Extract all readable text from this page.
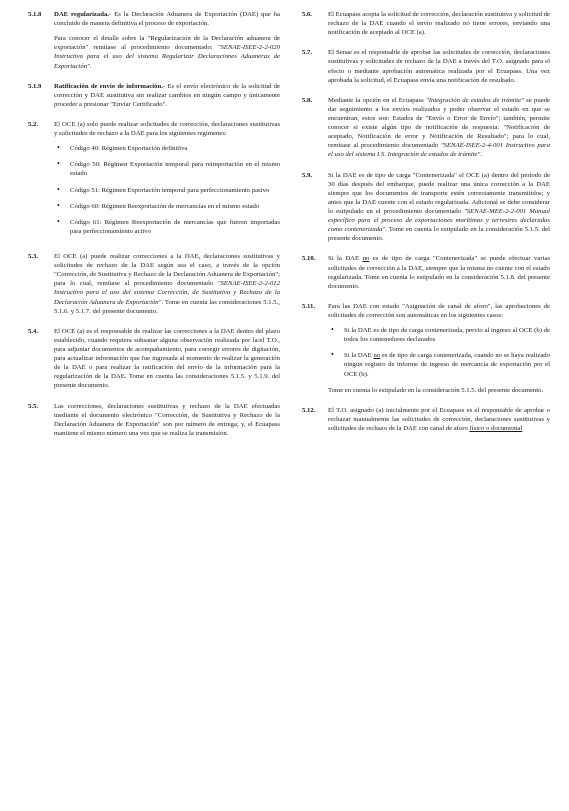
5.1.8	DAE regularizada.- Es la Declaración Aduanera de Exportación (DAE) que ha concluido de manera definitiva el proceso de exportación.

Para conocer el detalle sobre la "Regularización de la Declaración aduanera de exportación" remítase al procedimiento documentado: "SENAE-ISEE-2-2-020 Instructivo para el uso del sistema Regularizar Declaraciones Aduaneras de Exportación".

5.1.9	Ratificación de envío de información.- Es el envío electrónico de la solicitud de corrección y DAE sustitutiva sin realizar cambios en ningún campo y únicamente proceder a presionar "Enviar Certificado".

5.2.	El OCE (a) solo puede realizar solicitudes de corrección, declaraciones sustitutivas y solicitudes de rechazo a la DAE para los siguientes regímenes:

• Código 40: Régimen Exportación definitiva
• Código 50: Régimen Exportación temporal para reimportación en el mismo estado
• Código 51: Régimen Exportación temporal para perfeccionamiento pasivo
• Código 60: Régimen Reexportación de mercancías en el mismo estado
• Código 61: Régimen Reexportación de mercancías que fueron importadas para perfeccionamiento activo
5.3.	El OCE (a) puede realizar correcciones a la DAE, declaraciones sustitutivas y solicitudes de rechazo de la DAE según sea el caso, a través de la opción "Corrección, de Sustitutiva y Rechazo de la Declaración Aduanera de Exportación"; para lo cual, remítase al procedimiento documentado "SENAE-ISEE-2-2-012 Instructivo para el uso del sistema Corrección, de Sustitutiva y Rechazo de la Declaración Aduanera de Exportación". Tome en cuenta las consideraciones 5.1.5., 5.1.6. y 5.1.7. del presente documento.

5.4.	El OCE (a) es el responsable de realizar las correcciones a la DAE dentro del plazo establecido, cuando requiera subsanar alguna observación realizada por la/el T.O., para adjuntar documentos de acompañamiento, para corregir errores de digitación, para actualizar información que fue ingresada al momento de realizar la generación de la DAE o para realizar la ratificación del envío de la información para la regularización de la DAE. Tome en cuenta las consideraciones 5.1.5. y 5.1.9. del presente documento.

5.5.	Las correcciones, declaraciones sustitutivas y rechazo de la DAE efectuadas mediante el documento electrónico "Corrección, de Sustitutiva y Rechazo de la Declaración Aduanera de Exportación" son por número de entrega; y, el Ecuapass mantiene el mismo número una vez que se realiza la transmisión.

5.6.	El Ecuapass acepta la solicitud de corrección, declaración sustitutiva y solicitud de rechazo de la DAE cuando el envío realizado no tiene errores, enviando una notificación de aceptado al OCE (a).

5.7.	El Senae es el responsable de aprobar las solicitudes de corrección, declaraciones sustitutivas y solicitudes de rechazo de la DAE a través del T.O. asignado para el efecto o mediante aprobación automática realizada por el Ecuapass. Una vez aprobada la solicitud, el Ecuapass envía una notificación de resultado.

5.8.	Mediante la opción en el Ecuapass "Integración de estados de trámite" se puede dar seguimiento a los envíos realizados y poder observar el estado en que se encuentran, estos son: Estados de "Envío o Error de Envío"; también, permite conocer si existe algún tipo de notificación de respuesta: "Notificación de aceptado, Notificación de error y Notificación de Resultado"; para lo cual, remítase al procedimiento documentado "SENAE-ISEE-2-4-001 Instructivo para el uso del sistema I.S. Integración de estados de trámite".

5.9.	Si la DAE es de tipo de carga "Contenerizada" el OCE (a) dentro del período de 30 días después del embarque, puede realizar una única corrección a la DAE siempre que los documentos de transporte estén correctamente transmitidos; y antes que la DAE cuente con el estado regularizada. Adicional se debe considerar lo estipulado en el procedimiento documentado "SENAE-MEE-2-2-001 Manual específico para el proceso de exportaciones marítimas y terrestres declaradas como contenerizada". Tome en cuenta lo estipulado en la consideración 5.1.5. del presente documento.

5.10.	Si la DAE no es de tipo de carga "Contenerizada" se puede efectuar varias solicitudes de corrección a la DAE, siempre que la misma no cuente con el estado regularizada. Tome en cuenta lo estipulado en la consideración 5.1.8. del presente documento.

5.11.	Para las DAE con estado "Asignación de canal de aforo", las aprobaciones de solicitudes de corrección son automáticas en los siguientes casos:

• Si la DAE es de tipo de carga contenerizada, previo al ingreso al OCE (b) de todos los contenedores declarados
• Si la DAE no es de tipo de carga contenerizada, cuando no se haya realizado ningún registro de informe de ingreso de mercancía de exportación por el OCE (b).

Tome en cuenta lo estipulado en la consideración 5.1.5. del presente documento.

5.12.	El T.O. asignado (a) inicialmente por el Ecuapass es el responsable de aprobar o rechazar manualmente las solicitudes de corrección, declaraciones sustitutivas y solicitudes de rechazo de la DAE con canal de aforo físico o documental
